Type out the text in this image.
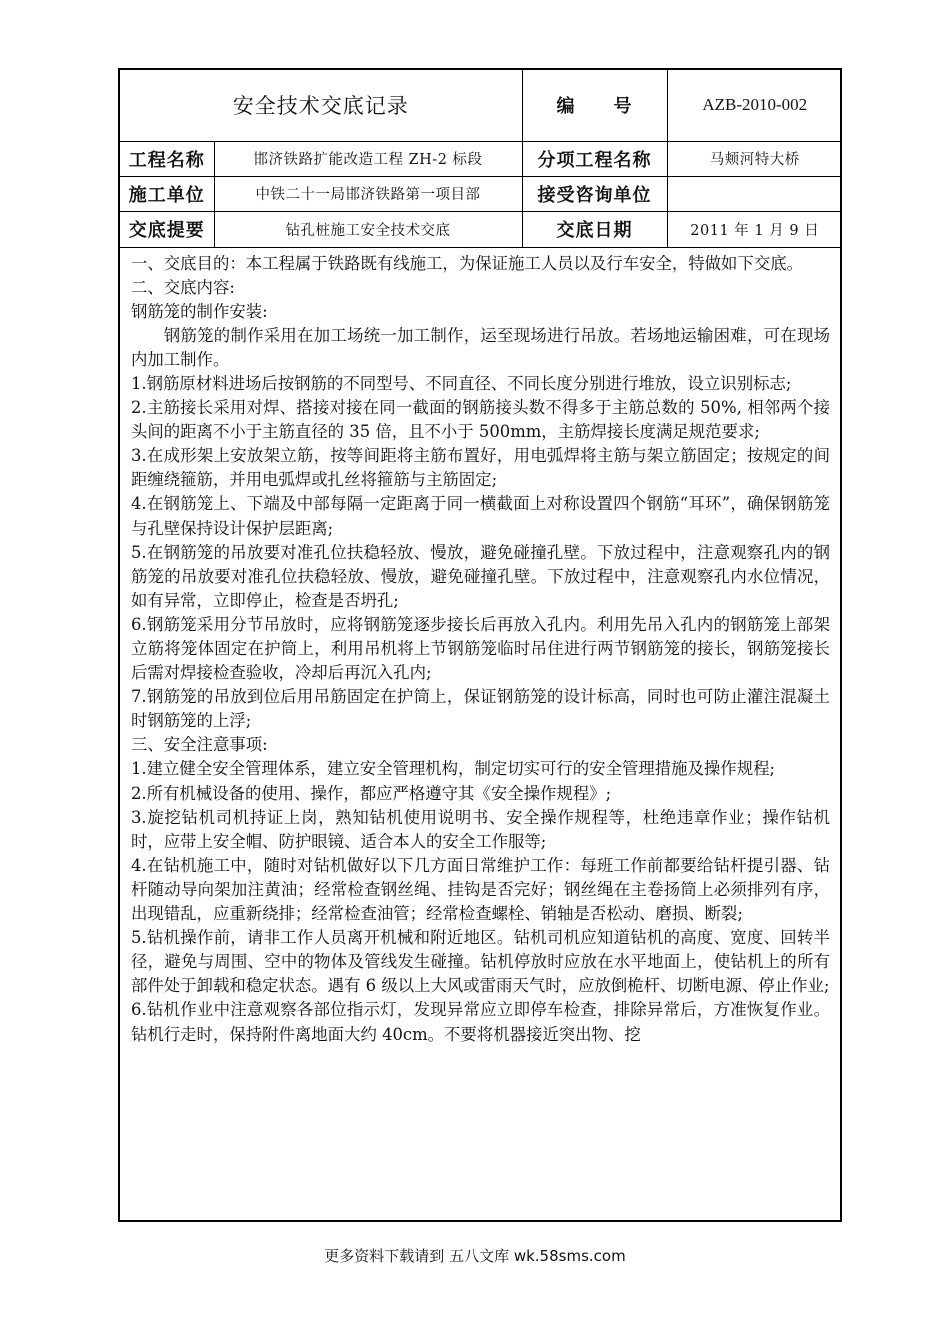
安全技术交底记录		编　　号	AZB-2010-002
工程名称	邯济铁路扩能改造工程 ZH-2 标段	分项工程名称	马颊河特大桥
施工单位	中铁二十一局邯济铁路第一项目部	接受咨询单位	
交底提要	钻孔桩施工安全技术交底	交底日期	2011 年 1 月 9 日

一、交底目的：本工程属于铁路既有线施工，为保证施工人员以及行车安全，特做如下交底。

二、交底内容:

钢筋笼的制作安装:

钢筋笼的制作采用在加工场统一加工制作，运至现场进行吊放。若场地运输困难，可在现场内加工制作。

1.钢筋原材料进场后按钢筋的不同型号、不同直径、不同长度分别进行堆放，设立识别标志;

2.主筋接长采用对焊、搭接对接在同一截面的钢筋接头数不得多于主筋总数的 50%, 相邻两个接头间的距离不小于主筋直径的 35 倍，且不小于 500mm，主筋焊接长度满足规范要求;

3.在成形架上安放架立筋，按等间距将主筋布置好，用电弧焊将主筋与架立筋固定；按规定的间距缠绕箍筋，并用电弧焊或扎丝将箍筋与主筋固定;

4.在钢筋笼上、下端及中部每隔一定距离于同一横截面上对称设置四个钢筋“耳环”，确保钢筋笼与孔壁保持设计保护层距离;

5.在钢筋笼的吊放要对准孔位扶稳轻放、慢放，避免碰撞孔壁。下放过程中，注意观察孔内的钢筋笼的吊放要对准孔位扶稳轻放、慢放，避免碰撞孔壁。下放过程中，注意观察孔内水位情况，如有异常，立即停止，检查是否坍孔;

6.钢筋笼采用分节吊放时，应将钢筋笼逐步接长后再放入孔内。利用先吊入孔内的钢筋笼上部架立筋将笼体固定在护筒上，利用吊机将上节钢筋笼临时吊住进行两节钢筋笼的接长，钢筋笼接长后需对焊接检查验收，冷却后再沉入孔内;

7.钢筋笼的吊放到位后用吊筋固定在护筒上，保证钢筋笼的设计标高，同时也可防止灌注混凝土时钢筋笼的上浮;

三、安全注意事项:

1.建立健全安全管理体系，建立安全管理机构，制定切实可行的安全管理措施及操作规程;

2.所有机械设备的使用、操作，都应严格遵守其《安全操作规程》;

3.旋挖钻机司机持证上岗，熟知钻机使用说明书、安全操作规程等，杜绝违章作业；操作钻机时，应带上安全帽、防护眼镜、适合本人的安全工作服等;

4.在钻机施工中，随时对钻机做好以下几方面日常维护工作：每班工作前都要给钻杆提引器、钻杆随动导向架加注黄油；经常检查钢丝绳、挂钩是否完好；钢丝绳在主卷扬筒上必须排列有序，出现错乱，应重新绕排；经常检查油管；经常检查螺栓、销轴是否松动、磨损、断裂;

5.钻机操作前，请非工作人员离开机械和附近地区。钻机司机应知道钻机的高度、宽度、回转半径，避免与周围、空中的物体及管线发生碰撞。钻机停放时应放在水平地面上，使钻机上的所有部件处于卸载和稳定状态。遇有 6 级以上大风或雷雨天气时，应放倒桅杆、切断电源、停止作业;

6.钻机作业中注意观察各部位指示灯，发现异常应立即停车检查，排除异常后，方准恢复作业。钻机行走时，保持附件离地面大约 40cm。不要将机器接近突出物、挖

更多资料下载请到 五八文库 wk.58sms.com
